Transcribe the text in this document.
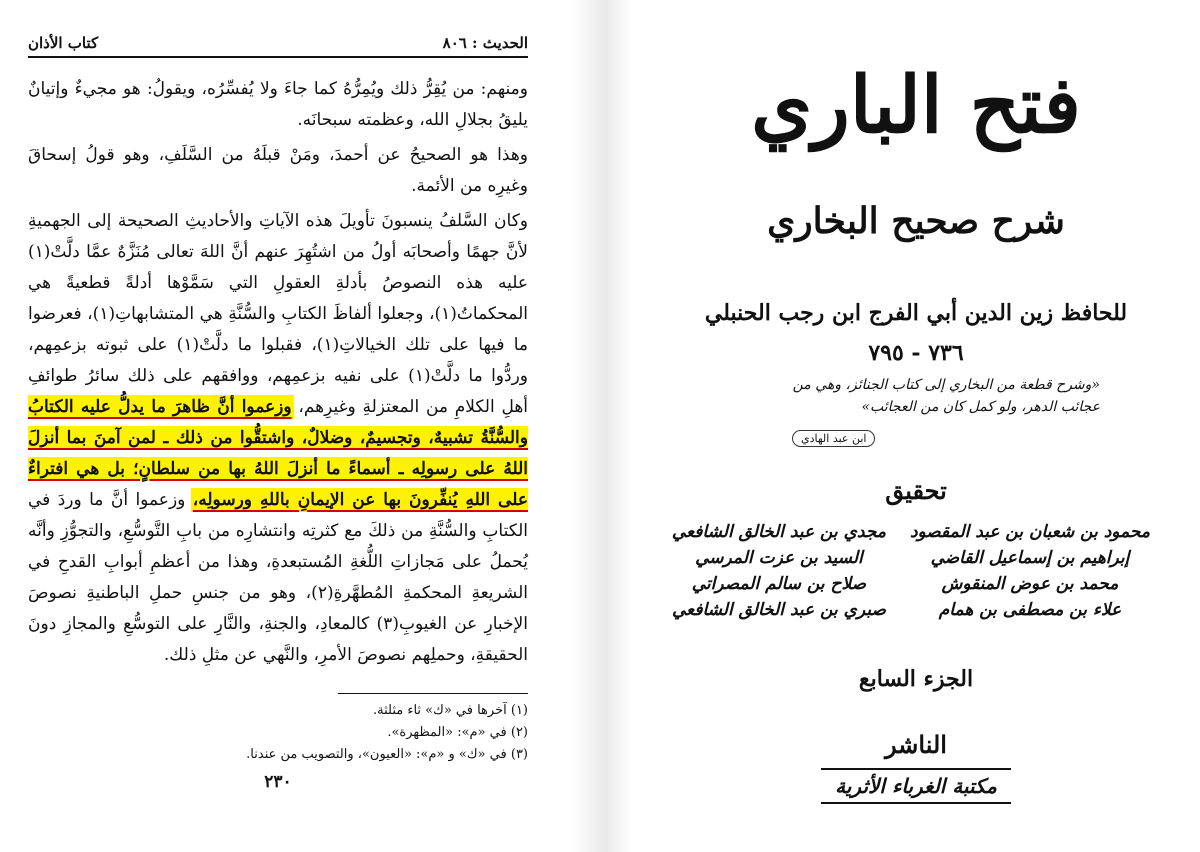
الحديث : ٨٠٦
كتاب الأذان

ومنهم: من يُقِرُّ ذلك ويُمِرُّهُ كما جاءَ ولا يُفسِّرُه، ويقولُ: هو مجيءٌ وإتيانٌ يليقُ بجلالِ الله، وعظمته سبحانَه.

وهذا هو الصحيحُ عن أحمدَ، ومَنْ قبلَهُ من السَّلَفِ، وهو قولُ إسحاقَ وغيرِه من الأئمة.

وكان السَّلفُ ينسبونَ تأويلَ هذه الآياتِ والأحاديثِ الصحيحة إلى الجهميةِ لأنَّ جهمًا وأصحابَه أولُ من اشتُهِرَ عنهم أنَّ اللهَ تعالى مُنَزَّهٌ عمَّا دلَّتْ(١) عليه هذه النصوصُ بأدلةِ العقولِ التي سَمَّوْها أدلةً قطعيةً هي المحكماتُ(١)، وجعلوا ألفاظَ الكتابِ والسُّنَّةِ هي المتشابهاتِ(١)، فعرضوا ما فيها على تلك الخيالاتِ(١)، فقبلوا ما دلَّتْ(١) على ثبوته بزعمِهم، وردُّوا ما دلَّتْ(١) على نفيه بزعمِهم، ووافقهم على ذلك سائرُ طوائفِ أهلِ الكلامِ من المعتزلةِ وغيرِهم، وزعموا أنَّ ظاهرَ ما يدلُّ عليه الكتابُ والسُّنَّةُ تشبيهٌ، وتجسيمٌ، وضلالٌ، واشتقُّوا من ذلك ـ لمن آمنَ بما أنزلَ اللهُ على رسولِه ـ أسماءً ما أنزلَ اللهُ بها من سلطانٍ؛ بل هي افتراءٌ على اللهِ يُنفِّرونَ بها عن الإيمانِ باللهِ ورسولِه، وزعموا أنَّ ما وردَ في الكتابِ والسُّنَّةِ من ذلكَ مع كثرتِه وانتشارِه من بابِ التَّوسُّعِ، والتجوُّزِ وأنَّه يُحملُ على مَجازاتِ اللُّغةِ المُستبعدةِ، وهذا من أعظمِ أبوابِ القدحِ في الشريعةِ المحكمةِ المُطهَّرةِ(٢)، وهو من جنسِ حملِ الباطنيةِ نصوصَ الإخبارِ عن الغيوبِ(٣) كالمعادِ، والجنةِ، والنَّارِ على التوسُّعِ والمجازِ دونَ الحقيقةِ، وحملِهم نصوصَ الأمرِ، والنَّهي عن مثلِ ذلك.

(١) آخرها في «ك» ثاء مثلثة.
(٢) في «م»: «المظهرة».
(٣) في «ك» و «م»: «العيون»، والتصويب من عندنا.
٢٣٠
فتح الباري
شرح صحيح البخاري
للحافظ زين الدين أبي الفرج ابن رجب الحنبلي
٧٣٦ - ٧٩٥
«وشرح قطعة من البخاري إلى كتاب الجنائز، وهي من عجائب الدهر، ولو كمل كان من العجائب»
ابن عبد الهادي
تحقيق
محمود بن شعبان بن عبد المقصود
مجدي بن عبد الخالق الشافعي
إبراهيم بن إسماعيل القاضي
السيد بن عزت المرسي
محمد بن عوض المنقوش
صلاح بن سالم المصراتي
علاء بن مصطفى بن همام
صبري بن عبد الخالق الشافعي
الجزء السابع
الناشر
مكتبة الغرباء الأثرية
